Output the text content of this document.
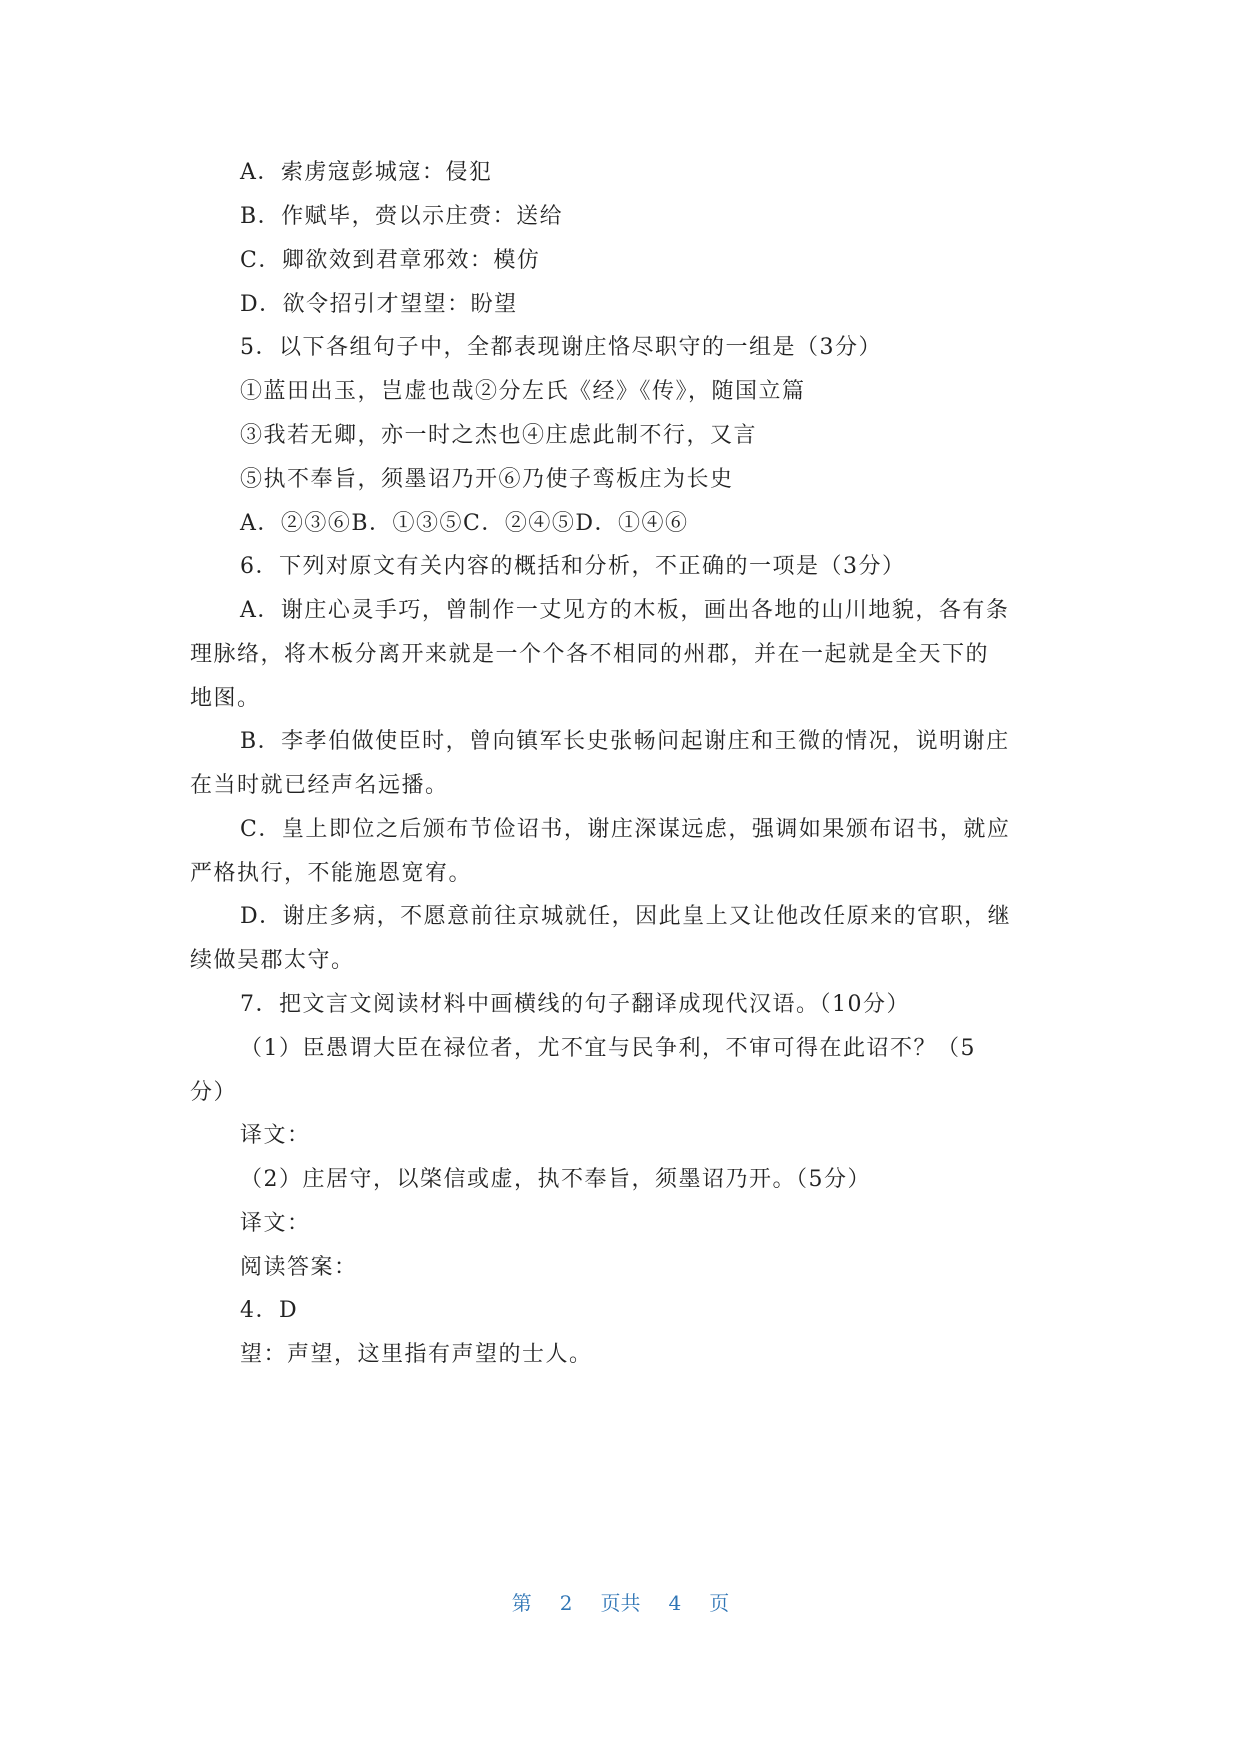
A．索虏寇彭城寇：侵犯
B．作赋毕，赍以示庄赍：送给
C．卿欲效到君章邪效：模仿
D．欲令招引才望望：盼望
5．以下各组句子中，全都表现谢庄恪尽职守的一组是（3分）
①蓝田出玉，岂虚也哉②分左氏《经》《传》，随国立篇
③我若无卿，亦一时之杰也④庄虑此制不行，又言
⑤执不奉旨，须墨诏乃开⑥乃使子鸾板庄为长史
A．②③⑥B．①③⑤C．②④⑤D．①④⑥
6．下列对原文有关内容的概括和分析，不正确的一项是（3分）
A．谢庄心灵手巧，曾制作一丈见方的木板，画出各地的山川地貌，各有条
理脉络，将木板分离开来就是一个个各不相同的州郡，并在一起就是全天下的
地图。
B．李孝伯做使臣时，曾向镇军长史张畅问起谢庄和王微的情况，说明谢庄
在当时就已经声名远播。
C．皇上即位之后颁布节俭诏书，谢庄深谋远虑，强调如果颁布诏书，就应
严格执行，不能施恩宽宥。
D．谢庄多病，不愿意前往京城就任，因此皇上又让他改任原来的官职，继
续做吴郡太守。
7．把文言文阅读材料中画横线的句子翻译成现代汉语。（10分）
（1）臣愚谓大臣在禄位者，尤不宜与民争利，不审可得在此诏不？（5
分）
译文：
（2）庄居守，以棨信或虚，执不奉旨，须墨诏乃开。（5分）
译文：
阅读答案：
4．D
望：声望，这里指有声望的士人。
第 2 页共 4 页
